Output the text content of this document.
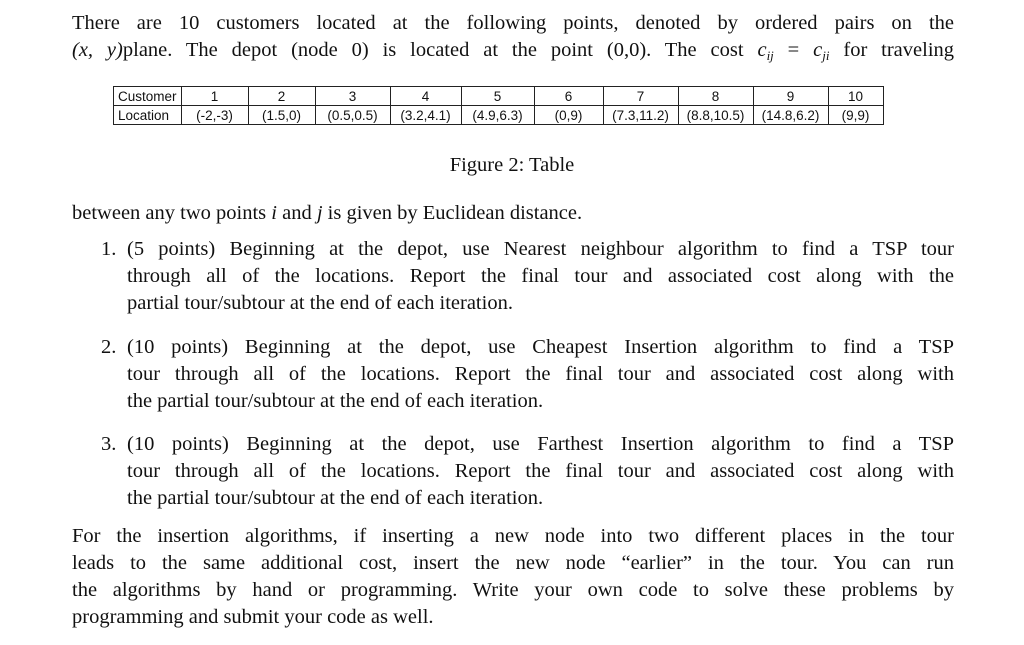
There are 10 customers located at the following points, denoted by ordered pairs on the
(x, y)plane. The depot (node 0) is located at the point (0,0). The cost $c_{ij} = c_{ji}$ for traveling
Customer	1	2	3	4	5	6	7	8	9	10
Location	(-2,-3)	(1.5,0)	(0.5,0.5)	(3.2,4.1)	(4.9,6.3)	(0,9)	(7.3,11.2)	(8.8,10.5)	(14.8,6.2)	(9,9)
Figure 2: Table
between any two points i and j is given by Euclidean distance.
1. (5 points) Beginning at the depot, use Nearest neighbour algorithm to find a TSP tour
through all of the locations. Report the final tour and associated cost along with the
partial tour/subtour at the end of each iteration.
2. (10 points) Beginning at the depot, use Cheapest Insertion algorithm to find a TSP
tour through all of the locations. Report the final tour and associated cost along with
the partial tour/subtour at the end of each iteration.
3. (10 points) Beginning at the depot, use Farthest Insertion algorithm to find a TSP
tour through all of the locations. Report the final tour and associated cost along with
the partial tour/subtour at the end of each iteration.
For the insertion algorithms, if inserting a new node into two different places in the tour
leads to the same additional cost, insert the new node “earlier” in the tour. You can run
the algorithms by hand or programming. Write your own code to solve these problems by
programming and submit your code as well.
